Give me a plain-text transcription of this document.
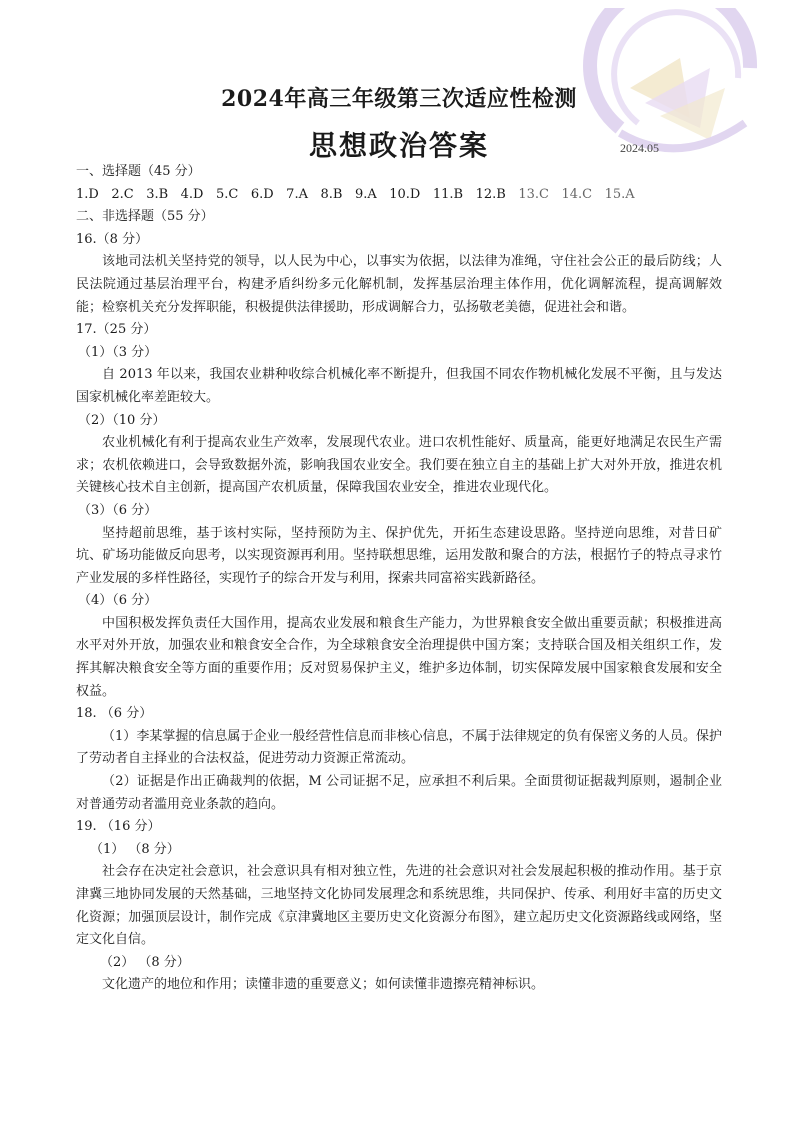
2024年高三年级第三次适应性检测
思想政治答案	2024.05
一、选择题（45 分）
1.D 2.C 3.B 4.D 5.C 6.D 7.A 8.B 9.A 10.D 11.B 12.B 13.C 14.C 15.A
二、非选择题（55 分）
16.（8 分）
该地司法机关坚持党的领导，以人民为中心，以事实为依据，以法律为准绳，守住社会公正的最后防线；人民法院通过基层治理平台，构建矛盾纠纷多元化解机制，发挥基层治理主体作用，优化调解流程，提高调解效能；检察机关充分发挥职能，积极提供法律援助，形成调解合力，弘扬敬老美德，促进社会和谐。
17.（25 分）
（1）（3 分）
自 2013 年以来，我国农业耕种收综合机械化率不断提升，但我国不同农作物机械化发展不平衡，且与发达国家机械化率差距较大。
（2）（10 分）
农业机械化有利于提高农业生产效率，发展现代农业。进口农机性能好、质量高，能更好地满足农民生产需求；农机依赖进口，会导致数据外流，影响我国农业安全。我们要在独立自主的基础上扩大对外开放，推进农机关键核心技术自主创新，提高国产农机质量，保障我国农业安全，推进农业现代化。
（3）（6 分）
坚持超前思维，基于该村实际，坚持预防为主、保护优先，开拓生态建设思路。坚持逆向思维，对昔日矿坑、矿场功能做反向思考，以实现资源再利用。坚持联想思维，运用发散和聚合的方法，根据竹子的特点寻求竹产业发展的多样性路径，实现竹子的综合开发与利用，探索共同富裕实践新路径。
（4）（6 分）
中国积极发挥负责任大国作用，提高农业发展和粮食生产能力，为世界粮食安全做出重要贡献；积极推进高水平对外开放，加强农业和粮食安全合作，为全球粮食安全治理提供中国方案；支持联合国及相关组织工作，发挥其解决粮食安全等方面的重要作用；反对贸易保护主义，维护多边体制，切实保障发展中国家粮食发展和安全权益。
18. （6 分）
（1）李某掌握的信息属于企业一般经营性信息而非核心信息，不属于法律规定的负有保密义务的人员。保护了劳动者自主择业的合法权益，促进劳动力资源正常流动。
（2）证据是作出正确裁判的依据，M 公司证据不足，应承担不利后果。全面贯彻证据裁判原则，遏制企业对普通劳动者滥用竞业条款的趋向。
19. （16 分）
（1） （8 分）
社会存在决定社会意识，社会意识具有相对独立性，先进的社会意识对社会发展起积极的推动作用。基于京津冀三地协同发展的天然基础，三地坚持文化协同发展理念和系统思维，共同保护、传承、利用好丰富的历史文化资源；加强顶层设计，制作完成《京津冀地区主要历史文化资源分布图》，建立起历史文化资源路线或网络，坚定文化自信。
（2） （8 分）
文化遗产的地位和作用；读懂非遗的重要意义；如何读懂非遗擦亮精神标识。
